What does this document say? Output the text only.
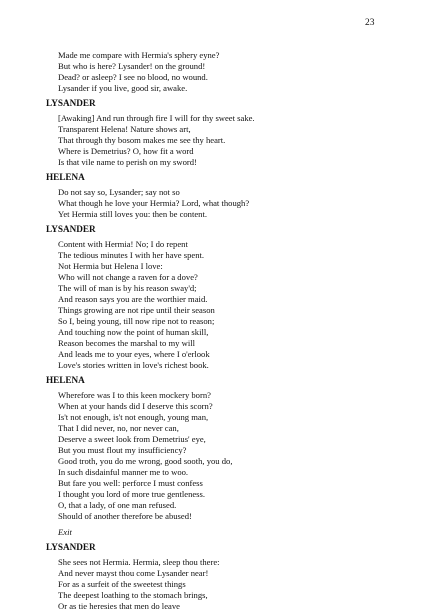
23
Made me compare with Hermia's sphery eyne?
But who is here? Lysander! on the ground!
Dead? or asleep? I see no blood, no wound.
Lysander if you live, good sir, awake.
LYSANDER
[Awaking] And run through fire I will for thy sweet sake.
Transparent Helena! Nature shows art,
That through thy bosom makes me see thy heart.
Where is Demetrius? O, how fit a word
Is that vile name to perish on my sword!
HELENA
Do not say so, Lysander; say not so
What though he love your Hermia? Lord, what though?
Yet Hermia still loves you: then be content.
LYSANDER
Content with Hermia! No; I do repent
The tedious minutes I with her have spent.
Not Hermia but Helena I love:
Who will not change a raven for a dove?
The will of man is by his reason sway'd;
And reason says you are the worthier maid.
Things growing are not ripe until their season
So I, being young, till now ripe not to reason;
And touching now the point of human skill,
Reason becomes the marshal to my will
And leads me to your eyes, where I o'erlook
Love's stories written in love's richest book.
HELENA
Wherefore was I to this keen mockery born?
When at your hands did I deserve this scorn?
Is't not enough, is't not enough, young man,
That I did never, no, nor never can,
Deserve a sweet look from Demetrius' eye,
But you must flout my insufficiency?
Good troth, you do me wrong, good sooth, you do,
In such disdainful manner me to woo.
But fare you well: perforce I must confess
I thought you lord of more true gentleness.
O, that a lady, of one man refused.
Should of another therefore be abused!
Exit
LYSANDER
She sees not Hermia. Hermia, sleep thou there:
And never mayst thou come Lysander near!
For as a surfeit of the sweetest things
The deepest loathing to the stomach brings,
Or as tie heresies that men do leave
